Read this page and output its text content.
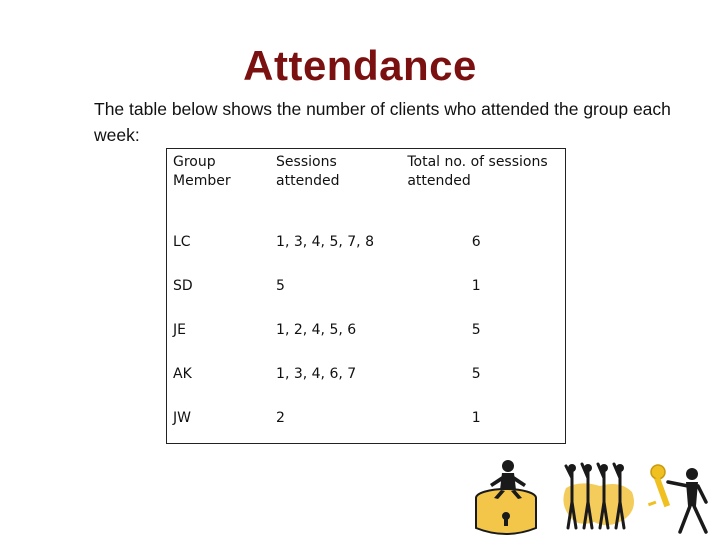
Attendance
The table below shows the number of clients who attended the group each week:
Group Member	Sessions attended	Total no. of sessions attended
LC	1, 3, 4, 5, 7, 8	6
SD	5	1
JE	1, 2, 4, 5, 6	5
AK	1, 3, 4, 6, 7	5
JW	2	1
